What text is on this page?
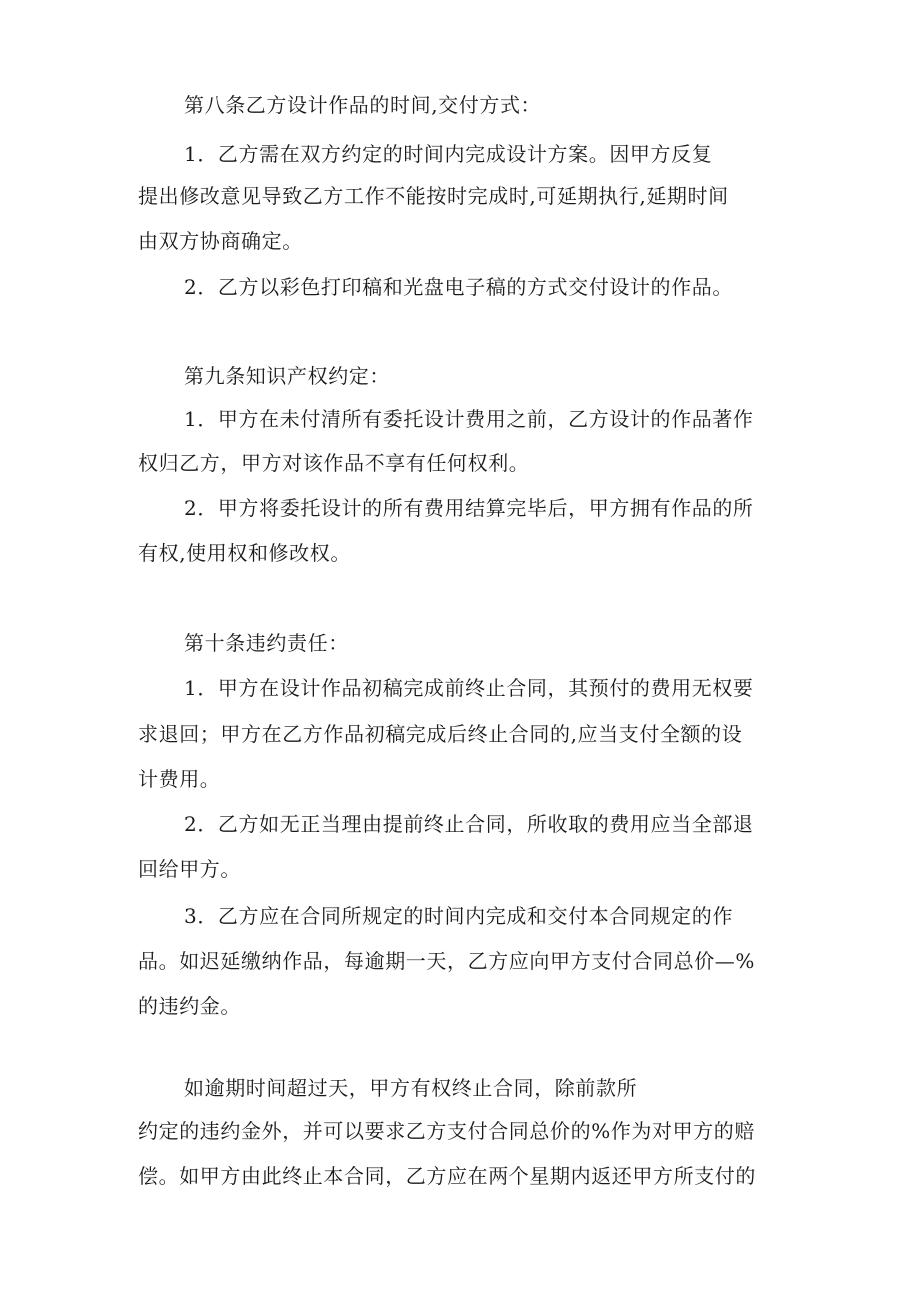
第八条乙方设计作品的时间,交付方式：
1．乙方需在双方约定的时间内完成设计方案。因甲方反复
提出修改意见导致乙方工作不能按时完成时,可延期执行,延期时间
由双方协商确定。
2．乙方以彩色打印稿和光盘电子稿的方式交付设计的作品。
第九条知识产权约定：
1．甲方在未付清所有委托设计费用之前，乙方设计的作品著作
权归乙方，甲方对该作品不享有任何权利。
2．甲方将委托设计的所有费用结算完毕后，甲方拥有作品的所
有权,使用权和修改权。
第十条违约责任：
1．甲方在设计作品初稿完成前终止合同，其预付的费用无权要
求退回；甲方在乙方作品初稿完成后终止合同的,应当支付全额的设
计费用。
2．乙方如无正当理由提前终止合同，所收取的费用应当全部退
回给甲方。
3．乙方应在合同所规定的时间内完成和交付本合同规定的作
品。如迟延缴纳作品，每逾期一天，乙方应向甲方支付合同总价—%
的违约金。
如逾期时间超过天，甲方有权终止合同，除前款所
约定的违约金外，并可以要求乙方支付合同总价的%作为对甲方的赔
偿。如甲方由此终止本合同，乙方应在两个星期内返还甲方所支付的
